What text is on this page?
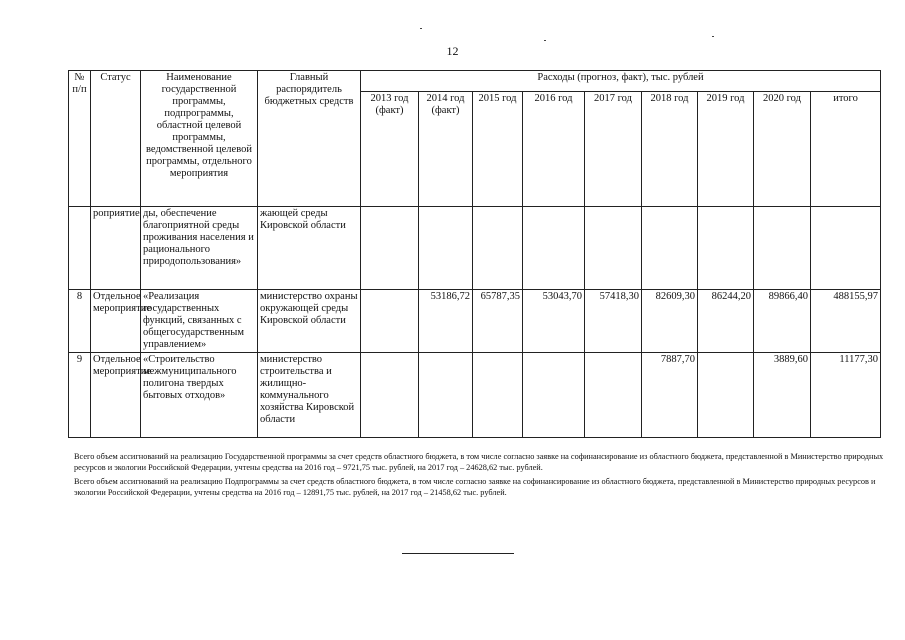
12
№ п/п	Статус	Наименование государственной программы, подпрограммы, областной целевой программы, ведомственной целевой программы, отдельного мероприятия	Главный распорядитель бюджетных средств	Расходы (прогноз, факт), тыс. рублей								
				2013 год (факт)	2014 год (факт)	2015 год	2016 год	2017 год	2018 год	2019 год	2020 год	итого
	роприятие	ды, обеспечение благоприятной среды проживания населения и рационального природопользования»	жающей среды Кировской области									
8	Отдельное мероприятие	«Реализация государственных функций, связанных с общегосударственным управлением»	министерство охраны окружающей среды Кировской области		53186,72	65787,35	53043,70	57418,30	82609,30	86244,20	89866,40	488155,97
9	Отдельное мероприятие	«Строительство межмуниципального полигона твердых бытовых отходов»	министерство строительства и жилищно-коммунального хозяйства Кировской области						7887,70		3889,60	11177,30

Всего объем ассигнований на реализацию Государственной программы за счет средств областного бюджета, в том числе согласно заявке на софинансирование из областного бюджета, представленной в Министерство природных ресурсов и экологии Российской Федерации, учтены средства на 2016 год – 9721,75 тыс. рублей, на 2017 год – 24628,62 тыс. рублей.

Всего объем ассигнований на реализацию Подпрограммы за счет средств областного бюджета, в том числе согласно заявке на софинансирование из областного бюджета, представленной в Министерство природных ресурсов и экологии Российской Федерации, учтены средства на 2016 год – 12891,75 тыс. рублей, на 2017 год – 21458,62 тыс. рублей.
